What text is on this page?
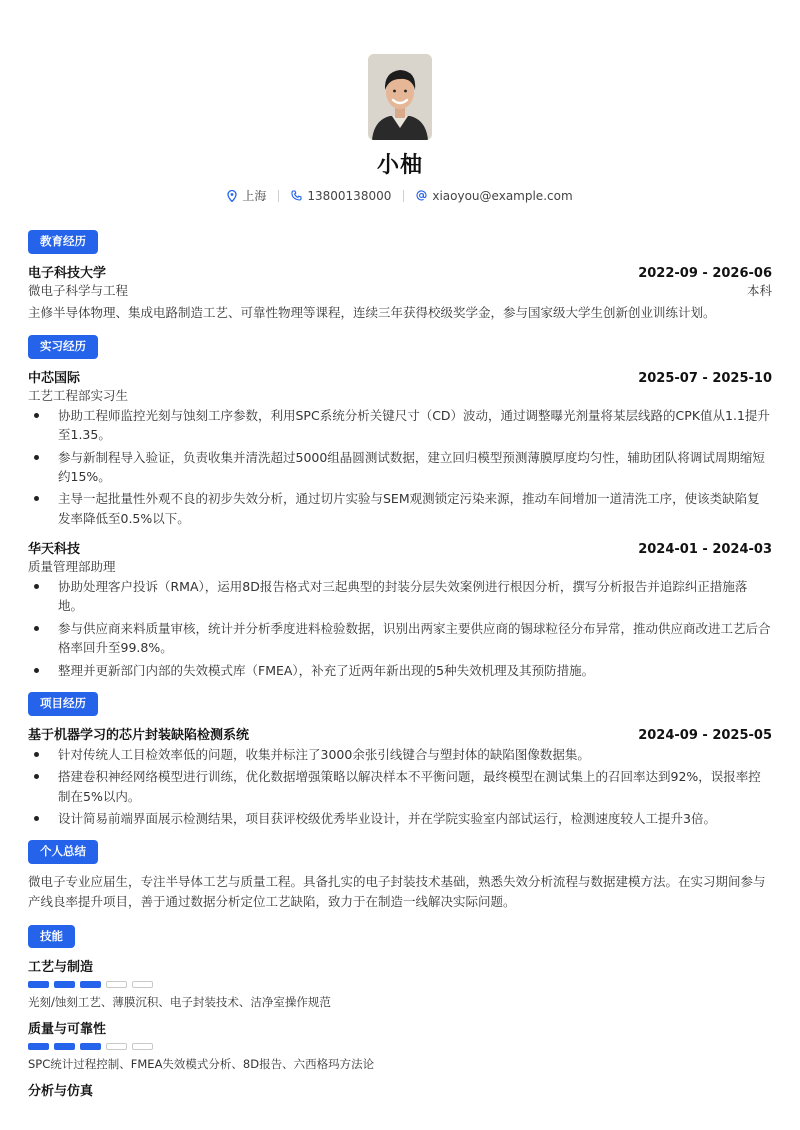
小柚
上海	13800138000	xiaoyou@example.com
教育经历
电子科技大学	2022-09 - 2026-06
微电子科学与工程	本科
主修半导体物理、集成电路制造工艺、可靠性物理等课程，连续三年获得校级奖学金，参与国家级大学生创新创业训练计划。
实习经历
中芯国际	2025-07 - 2025-10
工艺工程部实习生
协助工程师监控光刻与蚀刻工序参数，利用SPC系统分析关键尺寸（CD）波动，通过调整曝光剂量将某层线路的CPK值从1.1提升至1.35。
参与新制程导入验证，负责收集并清洗超过5000组晶圆测试数据，建立回归模型预测薄膜厚度均匀性，辅助团队将调试周期缩短约15%。
主导一起批量性外观不良的初步失效分析，通过切片实验与SEM观测锁定污染来源，推动车间增加一道清洗工序，使该类缺陷复发率降低至0.5%以下。
华天科技	2024-01 - 2024-03
质量管理部助理
协助处理客户投诉（RMA），运用8D报告格式对三起典型的封装分层失效案例进行根因分析，撰写分析报告并追踪纠正措施落地。
参与供应商来料质量审核，统计并分析季度进料检验数据，识别出两家主要供应商的锡球粒径分布异常，推动供应商改进工艺后合格率回升至99.8%。
整理并更新部门内部的失效模式库（FMEA），补充了近两年新出现的5种失效机理及其预防措施。
项目经历
基于机器学习的芯片封装缺陷检测系统	2024-09 - 2025-05
针对传统人工目检效率低的问题，收集并标注了3000余张引线键合与塑封体的缺陷图像数据集。
搭建卷积神经网络模型进行训练，优化数据增强策略以解决样本不平衡问题，最终模型在测试集上的召回率达到92%，误报率控制在5%以内。
设计简易前端界面展示检测结果，项目获评校级优秀毕业设计，并在学院实验室内部试运行，检测速度较人工提升3倍。
个人总结
微电子专业应届生，专注半导体工艺与质量工程。具备扎实的电子封装技术基础，熟悉失效分析流程与数据建模方法。在实习期间参与产线良率提升项目，善于通过数据分析定位工艺缺陷，致力于在制造一线解决实际问题。
技能
工艺与制造
光刻/蚀刻工艺、薄膜沉积、电子封装技术、洁净室操作规范
质量与可靠性
SPC统计过程控制、FMEA失效模式分析、8D报告、六西格玛方法论
分析与仿真
